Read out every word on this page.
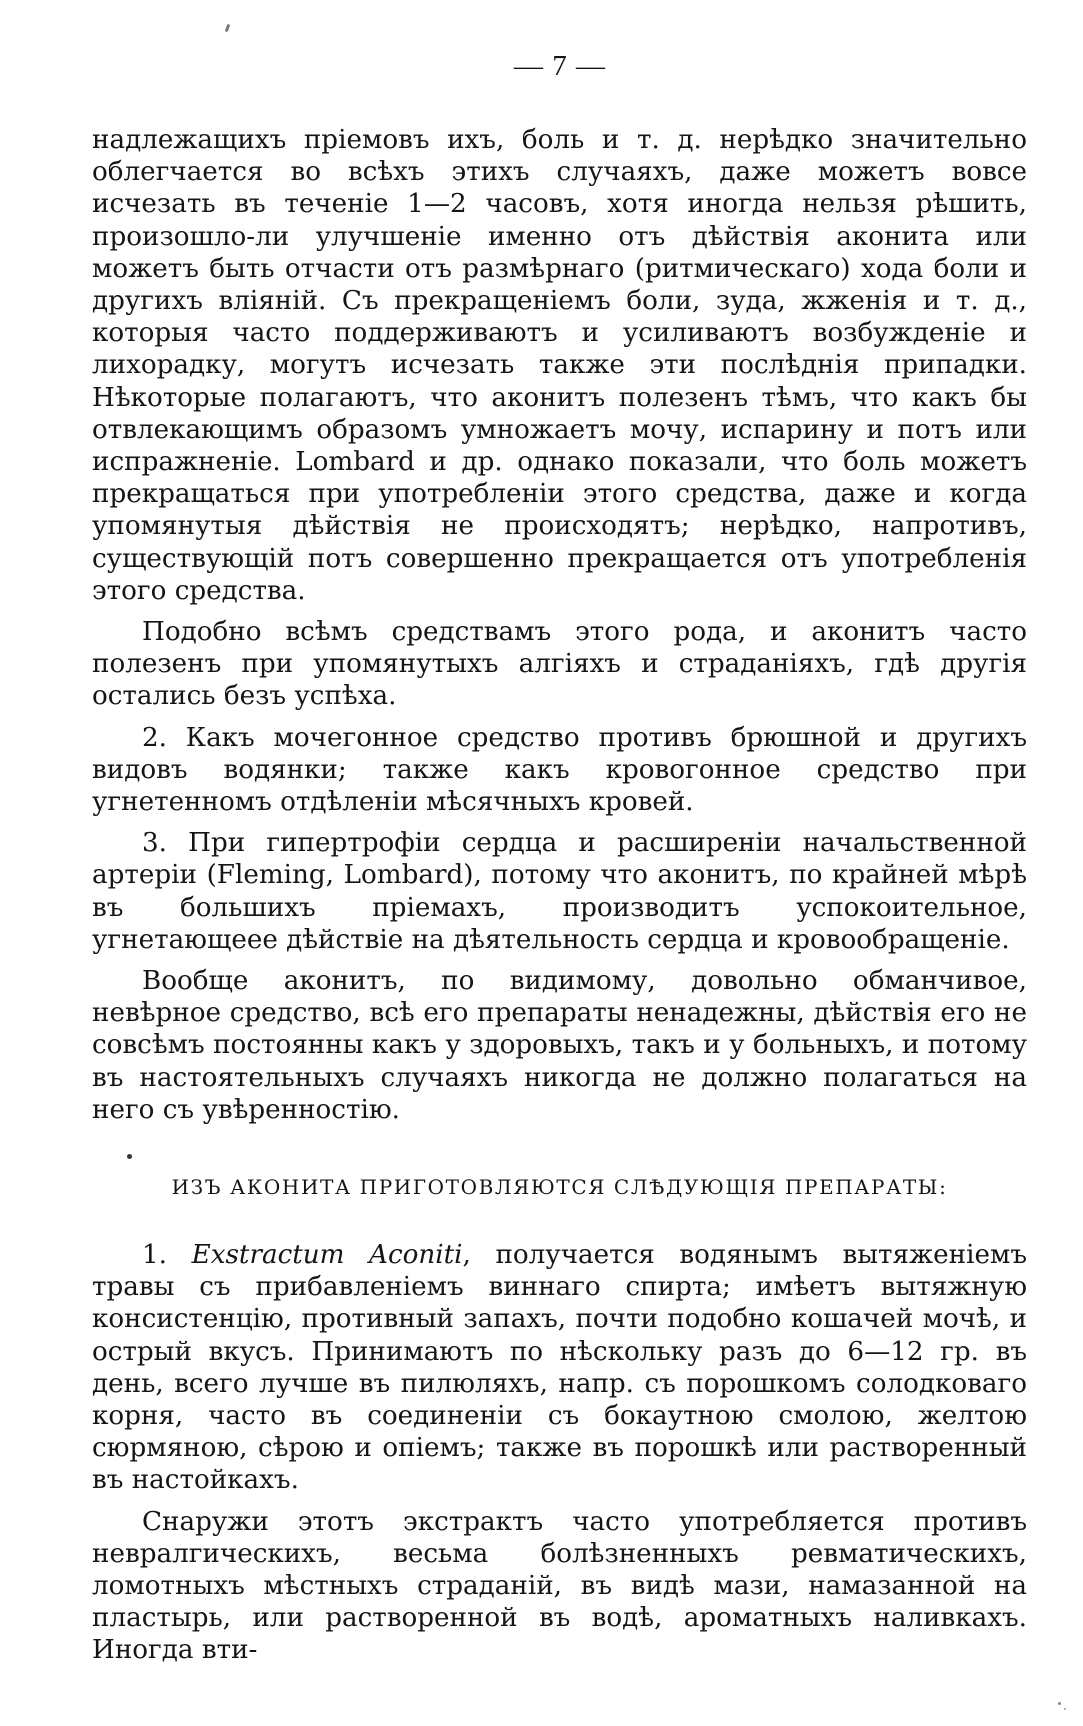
— 7 —

надлежащихъ пріемовъ ихъ, боль и т. д. нерѣдко значительно облегчается во всѣхъ этихъ случаяхъ, даже можетъ вовсе исчезать въ теченіе 1—2 часовъ, хотя иногда нельзя рѣшить, произошло-ли улучшеніе именно отъ дѣйствія аконита или можетъ быть отчасти отъ размѣрнаго (ритмическаго) хода боли и другихъ вліяній. Съ прекращеніемъ боли, зуда, жженія и т. д., которыя часто поддерживаютъ и усиливаютъ возбужденіе и лихорадку, могутъ исчезать также эти послѣднія припадки. Нѣкоторые полагаютъ, что аконитъ полезенъ тѣмъ, что какъ бы отвлекающимъ образомъ умножаетъ мочу, испарину и потъ или испражненіе. Lombard и др. однако показали, что боль можетъ прекращаться при употребленіи этого средства, даже и когда упомянутыя дѣйствія не происходятъ; нерѣдко, напротивъ, существующій потъ совершенно прекращается отъ употребленія этого средства.

Подобно всѣмъ средствамъ этого рода, и аконитъ часто полезенъ при упомянутыхъ алгіяхъ и страданіяхъ, гдѣ другія остались безъ успѣха.

2. Какъ мочегонное средство противъ брюшной и другихъ видовъ водянки; также какъ кровогонное средство при угнетенномъ отдѣленіи мѣсячныхъ кровей.

3. При гипертрофіи сердца и расширеніи начальственной артеріи (Fleming, Lombard), потому что аконитъ, по крайней мѣрѣ въ большихъ пріемахъ, производитъ успокоительное, угнетающееe дѣйствіе на дѣятельность сердца и кровообращеніе.

Вообще аконитъ, по видимому, довольно обманчивое, невѣрное средство, всѣ его препараты ненадежны, дѣйствія его не совсѣмъ постоянны какъ у здоровыхъ, такъ и у больныхъ, и потому въ настоятельныхъ случаяхъ никогда не должно полагаться на него съ увѣренностію.

ИЗЪ АКОНИТА ПРИГОТОВЛЯЮТСЯ СЛѢДУЮЩІЯ ПРЕПАРАТЫ:

1. Exstractum Aconiti, получается водянымъ вытяженіемъ травы съ прибавленіемъ виннаго спирта; имѣетъ вытяжную консистенцію, противный запахъ, почти подобно кошачей мочѣ, и острый вкусъ. Принимаютъ по нѣскольку разъ до 6—12 гр. въ день, всего лучше въ пилюляхъ, напр. съ порошкомъ солодковаго корня, часто въ соединеніи съ бокаутною смолою, желтою сюрмяною, сѣрою и опіемъ; также въ порошкѣ или растворенный въ настойкахъ.

Снаружи этотъ экстрактъ часто употребляется противъ невралгическихъ, весьма болѣзненныхъ ревматическихъ, ломотныхъ мѣстныхъ страданій, въ видѣ мази, намазанной на пластырь, или растворенной въ водѣ, ароматныхъ наливкахъ. Иногда вти-
